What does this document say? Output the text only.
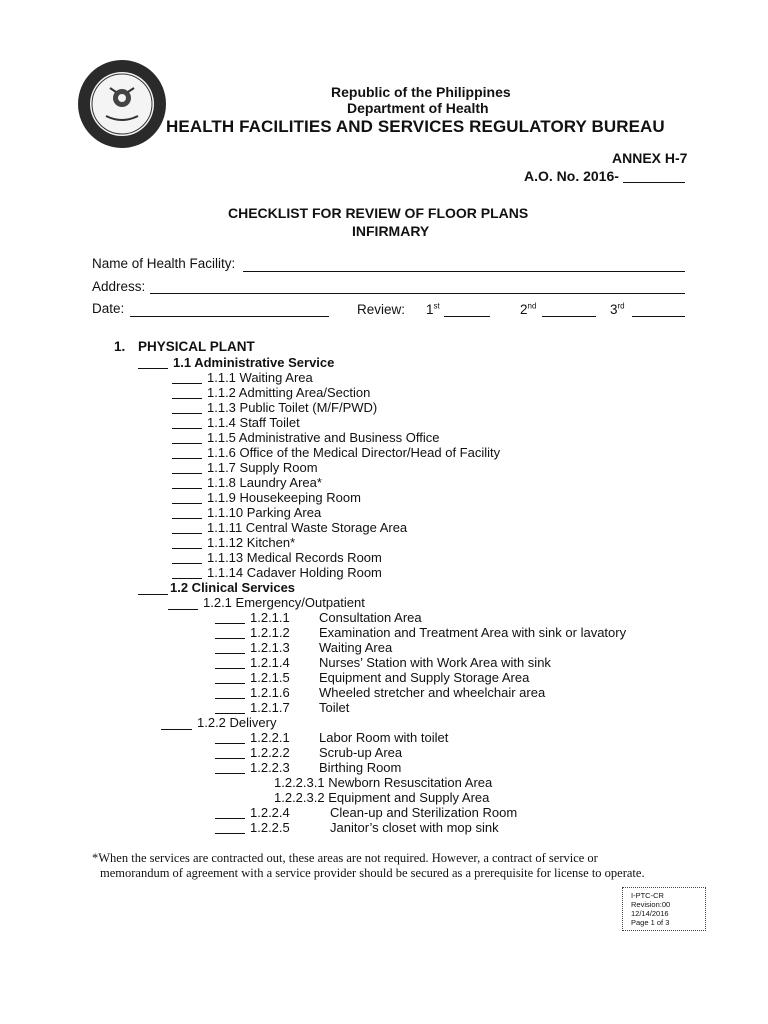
Republic of the Philippines
Department of Health
HEALTH FACILITIES AND SERVICES REGULATORY BUREAU
ANNEX H-7
A.O. No. 2016-
CHECKLIST FOR REVIEW OF FLOOR PLANS
INFIRMARY
Name of Health Facility:
Address:
Date:	Review: 1st	2nd	3rd
1. PHYSICAL PLANT
1.1 Administrative Service
1.1.1 Waiting Area
1.1.2 Admitting Area/Section
1.1.3 Public Toilet (M/F/PWD)
1.1.4 Staff Toilet
1.1.5 Administrative and Business Office
1.1.6 Office of the Medical Director/Head of Facility
1.1.7 Supply Room
1.1.8 Laundry Area*
1.1.9 Housekeeping Room
1.1.10 Parking Area
1.1.11 Central Waste Storage Area
1.1.12 Kitchen*
1.1.13 Medical Records Room
1.1.14 Cadaver Holding Room
1.2 Clinical Services
1.2.1 Emergency/Outpatient
1.2.1.1 Consultation Area
1.2.1.2 Examination and Treatment Area with sink or lavatory
1.2.1.3 Waiting Area
1.2.1.4 Nurses’ Station with Work Area with sink
1.2.1.5 Equipment and Supply Storage Area
1.2.1.6 Wheeled stretcher and wheelchair area
1.2.1.7 Toilet
1.2.2 Delivery
1.2.2.1 Labor Room with toilet
1.2.2.2 Scrub-up Area
1.2.2.3 Birthing Room
1.2.2.3.1 Newborn Resuscitation Area
1.2.2.3.2 Equipment and Supply Area
1.2.2.4	Clean-up and Sterilization Room
1.2.2.5	Janitor’s closet with mop sink
*When the services are contracted out, these areas are not required. However, a contract of service or
memorandum of agreement with a service provider should be secured as a prerequisite for license to operate.
I-PTC-CR
Revision:00
12/14/2016
Page 1 of 3
